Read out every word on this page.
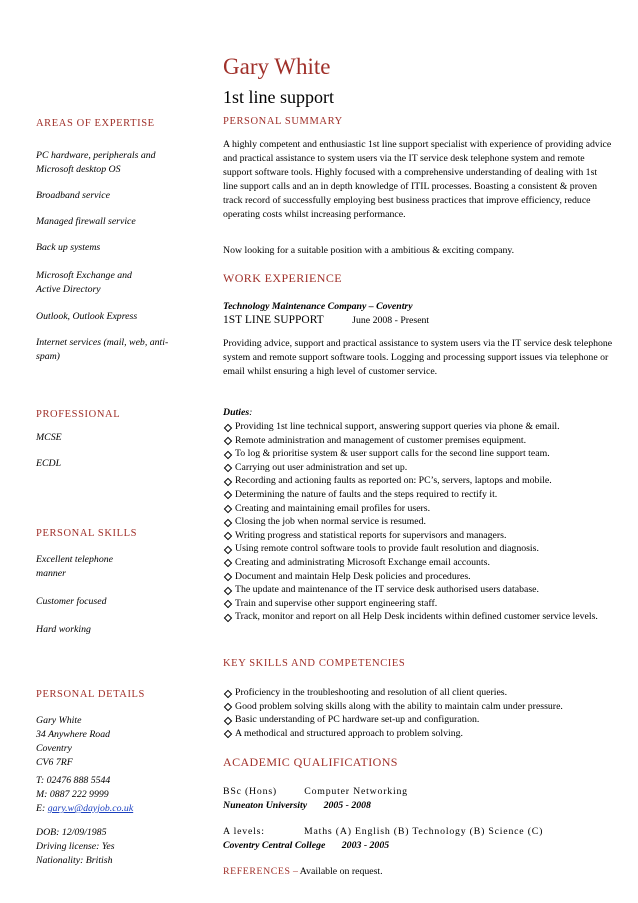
Gary White
1st line support
AREAS OF EXPERTISE
PC hardware, peripherals and Microsoft desktop OS
Broadband service
Managed firewall service
Back up systems
Microsoft Exchange and Active Directory
Outlook, Outlook Express
Internet services (mail, web, anti-spam)
PROFESSIONAL
MCSE
ECDL
PERSONAL SKILLS
Excellent telephone manner
Customer focused
Hard working
PERSONAL DETAILS
Gary White
34 Anywhere Road
Coventry
CV6 7RF
T: 02476 888 5544
M: 0887 222 9999
E: gary.w@dayjob.co.uk
DOB: 12/09/1985
Driving license: Yes
Nationality: British
PERSONAL SUMMARY

A highly competent and enthusiastic 1st line support specialist with experience of providing advice and practical assistance to system users via the IT service desk telephone system and remote support software tools. Highly focused with a comprehensive understanding of dealing with 1st line support calls and an in depth knowledge of ITIL processes. Boasting a consistent & proven track record of successfully employing best business practices that improve efficiency, reduce operating costs whilst increasing performance.

Now looking for a suitable position with a ambitious & exciting company.

WORK EXPERIENCE
Technology Maintenance Company – Coventry
1ST LINE SUPPORT	June 2008 - Present

Providing advice, support and practical assistance to system users via the IT service desk telephone system and remote support software tools. Logging and processing support issues via telephone or email whilst ensuring a high level of customer service.

Duties:
Providing 1st line technical support, answering support queries via phone & email.
Remote administration and management of customer premises equipment.
To log & prioritise system & user support calls for the second line support team.
Carrying out user administration and set up.
Recording and actioning faults as reported on: PC’s, servers, laptops and mobile.
Determining the nature of faults and the steps required to rectify it.
Creating and maintaining email profiles for users.
Closing the job when normal service is resumed.
Writing progress and statistical reports for supervisors and managers.
Using remote control software tools to provide fault resolution and diagnosis.
Creating and administrating Microsoft Exchange email accounts.
Document and maintain Help Desk policies and procedures.
The update and maintenance of the IT service desk authorised users database.
Train and supervise other support engineering staff.
Track, monitor and report on all Help Desk incidents within defined customer service levels.
KEY SKILLS AND COMPETENCIES
Proficiency in the troubleshooting and resolution of all client queries.
Good problem solving skills along with the ability to maintain calm under pressure.
Basic understanding of PC hardware set-up and configuration.
A methodical and structured approach to problem solving.
ACADEMIC QUALIFICATIONS
BSc (Hons)	Computer Networking
Nuneaton University 2005 - 2008
A levels:	Maths (A) English (B) Technology (B) Science (C)
Coventry Central College 2003 - 2005
REFERENCES – Available on request.
